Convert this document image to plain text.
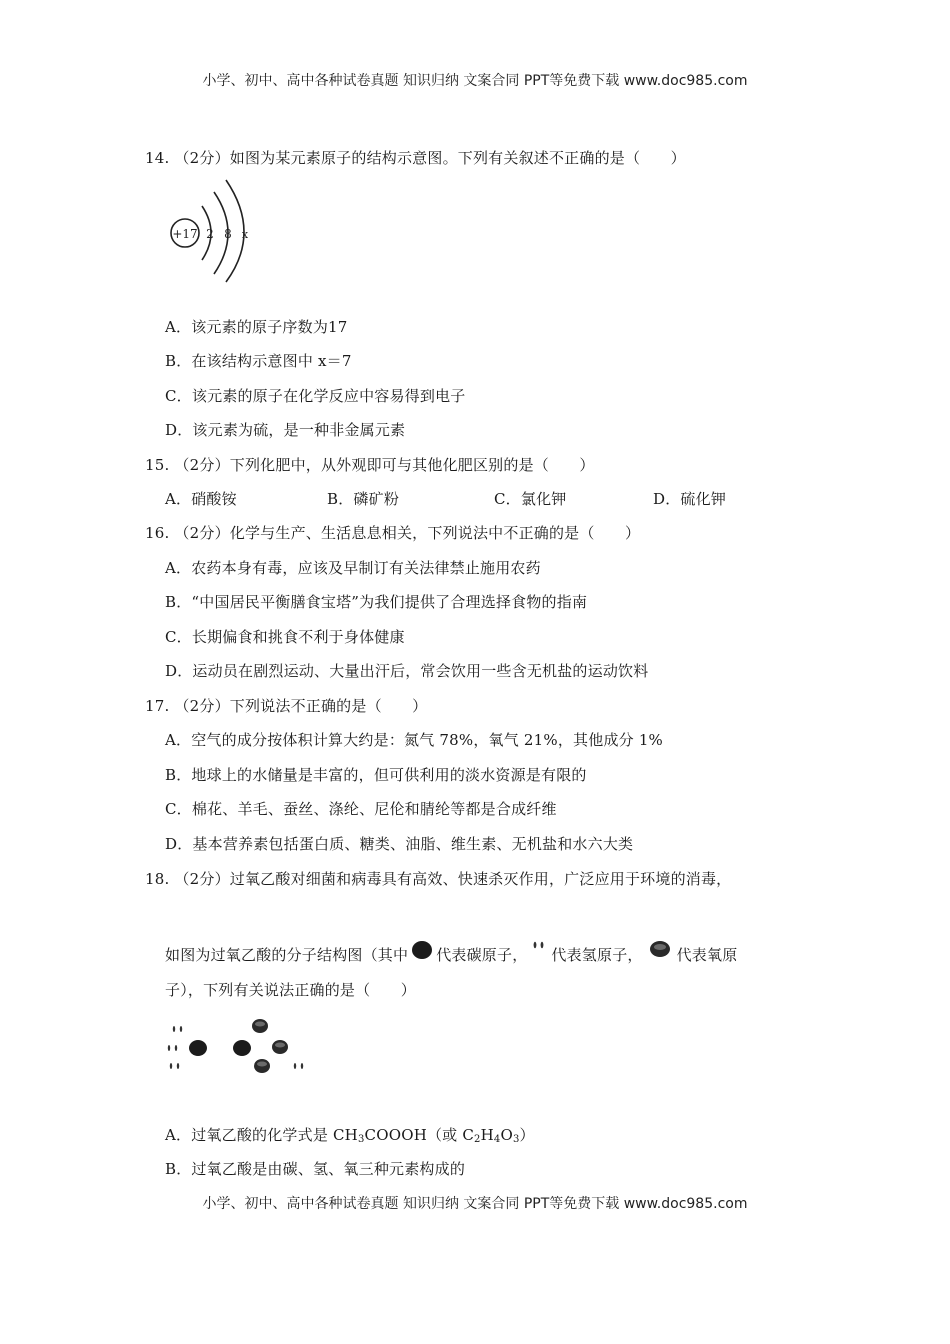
小学、初中、高中各种试卷真题 知识归纳 文案合同 PPT等免费下载 www.doc985.com
14. （2分）如图为某元素原子的结构示意图。下列有关叙述不正确的是（　　）
+17 2 8 x
A．该元素的原子序数为17
B．在该结构示意图中 x＝7
C．该元素的原子在化学反应中容易得到电子
D．该元素为硫，是一种非金属元素
15. （2分）下列化肥中，从外观即可与其他化肥区别的是（　　）
A．硝酸铵	B．磷矿粉	C．氯化钾	D．硫化钾
16. （2分）化学与生产、生活息息相关，下列说法中不正确的是（　　）
A．农药本身有毒，应该及早制订有关法律禁止施用农药
B．“中国居民平衡膳食宝塔”为我们提供了合理选择食物的指南
C．长期偏食和挑食不利于身体健康
D．运动员在剧烈运动、大量出汗后，常会饮用一些含无机盐的运动饮料
17. （2分）下列说法不正确的是（　　）
A．空气的成分按体积计算大约是：氮气 78%，氧气 21%，其他成分 1%
B．地球上的水储量是丰富的，但可供利用的淡水资源是有限的
C．棉花、羊毛、蚕丝、涤纶、尼伦和腈纶等都是合成纤维
D．基本营养素包括蛋白质、糖类、油脂、维生素、无机盐和水六大类
18. （2分）过氧乙酸对细菌和病毒具有高效、快速杀灭作用，广泛应用于环境的消毒，
如图为过氧乙酸的分子结构图（其中 代表碳原子， 代表氢原子， 代表氧原
子），下列有关说法正确的是（　　）
A．过氧乙酸的化学式是 $CH_3COOOH$（或 $C_2H_4O_3$）
B．过氧乙酸是由碳、氢、氧三种元素构成的
小学、初中、高中各种试卷真题 知识归纳 文案合同 PPT等免费下载 www.doc985.com
